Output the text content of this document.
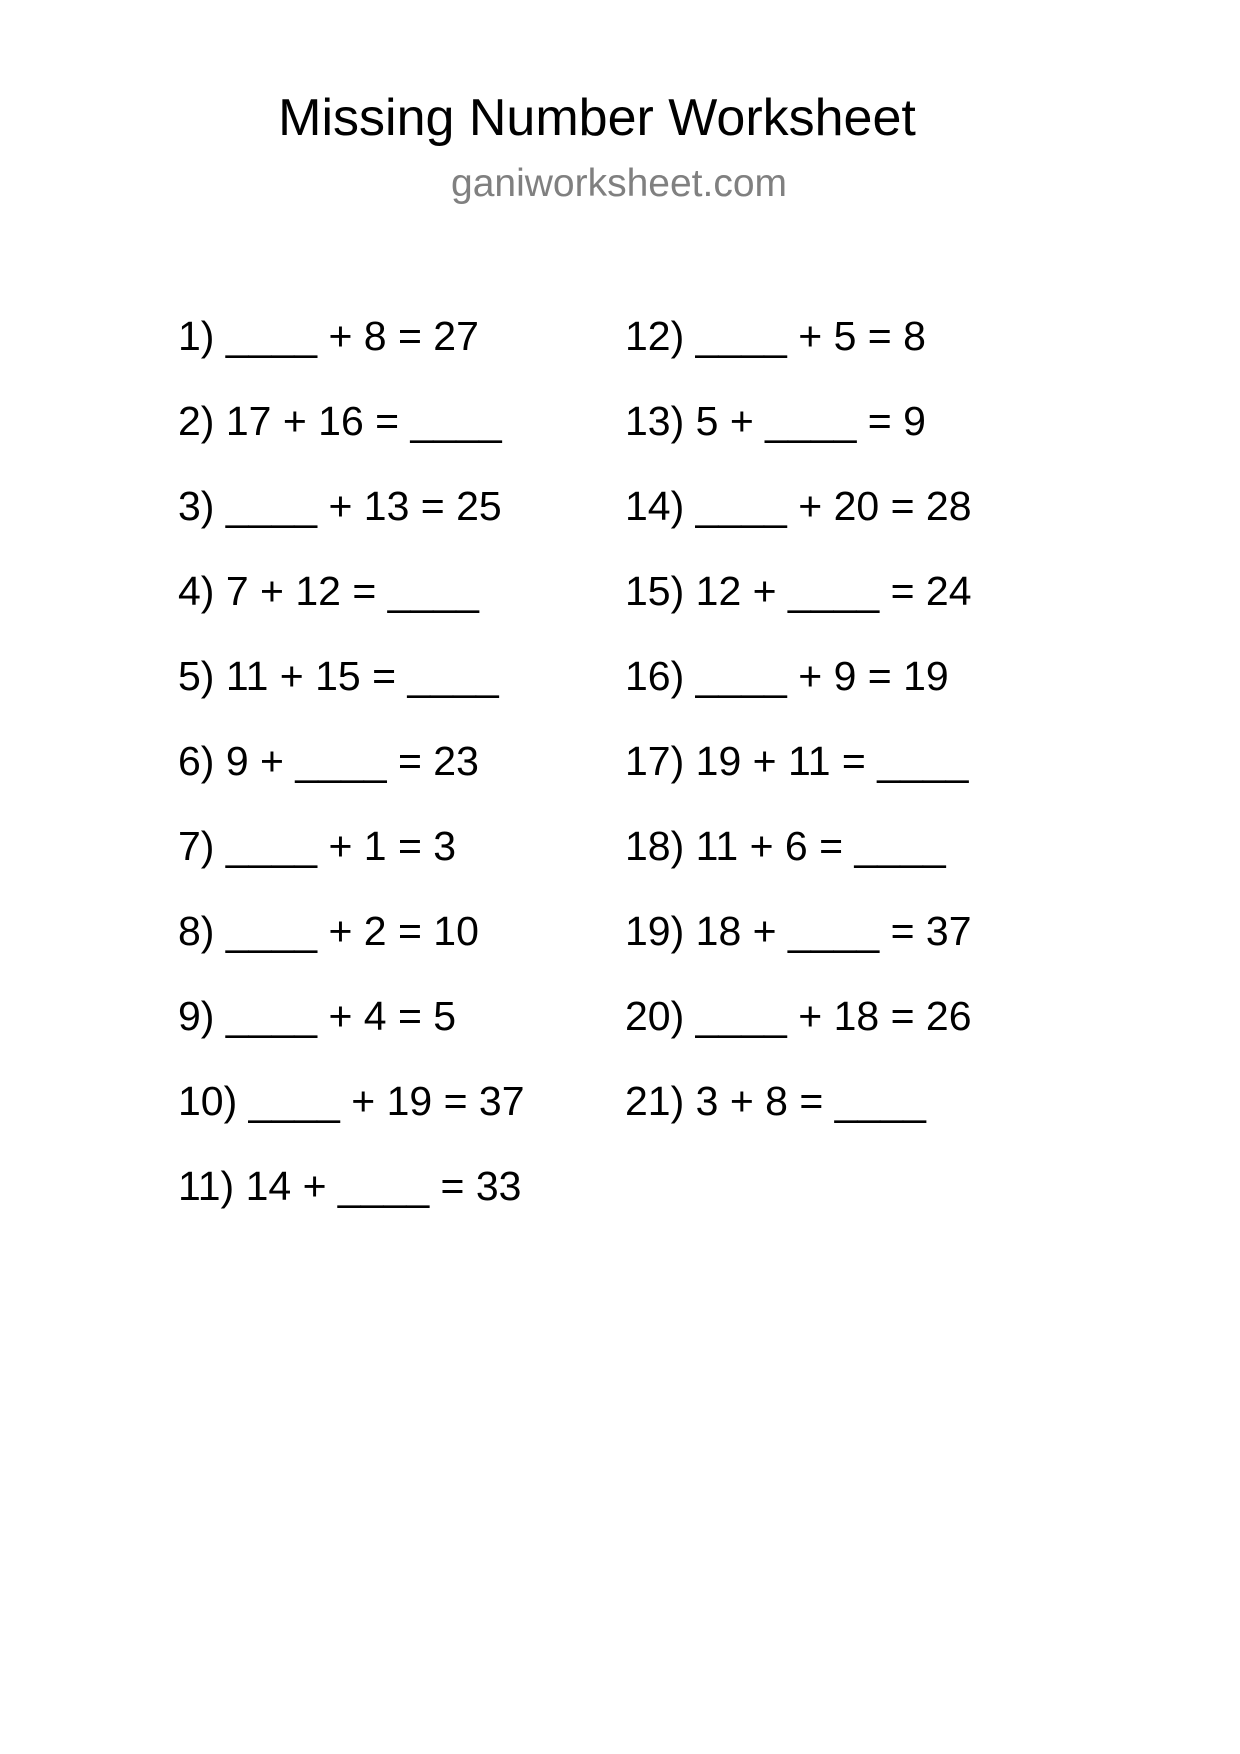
Missing Number Worksheet
ganiworksheet.com
1) ____ + 8 = 27
2) 17 + 16 = ____
3) ____ + 13 = 25
4) 7 + 12 = ____
5) 11 + 15 = ____
6) 9 + ____ = 23
7) ____ + 1 = 3
8) ____ + 2 = 10
9) ____ + 4 = 5
10) ____ + 19 = 37
11) 14 + ____ = 33
12) ____ + 5 = 8
13) 5 + ____ = 9
14) ____ + 20 = 28
15) 12 + ____ = 24
16) ____ + 9 = 19
17) 19 + 11 = ____
18) 11 + 6 = ____
19) 18 + ____ = 37
20) ____ + 18 = 26
21) 3 + 8 = ____
